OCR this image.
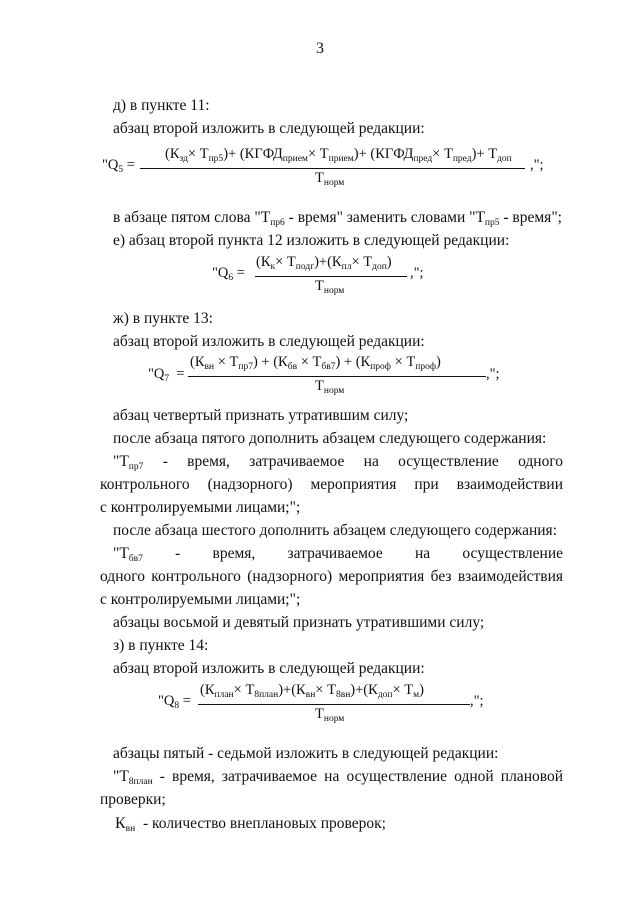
3
д) в пункте 11:
абзац второй изложить в следующей редакции:
"$Q_5$ =
$(К_{зд}\times Т_{пр5})+$ $(КГФД_{прием}\times Т_{прием})+$ $(КГФД_{пред}\times Т_{пред})+ Т_{доп}$
$Т_{норм}$
,";
в абзаце пятом слова "$Т_{пр6}$ - время" заменить словами "$Т_{пр5}$ - время";
е) абзац второй пункта 12 изложить в следующей редакции:
"$Q_6$ =
$(К_к\times Т_{подг})+(К_{пл}\times Т_{доп})$
$Т_{норм}$
,";
ж) в пункте 13:
абзац второй изложить в следующей редакции:
"$Q_7$ =
$(К_{вн} \times Т_{пр7}) + (К_{бв} \times Т_{бв7}) + (К_{проф} \times Т_{проф})$
$Т_{норм}$
,";
абзац четвертый признать утратившим силу;
после абзаца пятого дополнить абзацем следующего содержания:
"$Т_{пр7}$ - время, затрачиваемое на осуществление одного
контрольного (надзорного) мероприятия при взаимодействии
с контролируемыми лицами;";
после абзаца шестого дополнить абзацем следующего содержания:
"$Т_{бв7}$ - время, затрачиваемое на осуществление
одного контрольного (надзорного) мероприятия без взаимодействия
с контролируемыми лицами;";
абзацы восьмой и девятый признать утратившими силу;
з) в пункте 14:
абзац второй изложить в следующей редакции:
"$Q_8$ =
$(К_{план}\times Т_{8план})+(К_{вн}\times Т_{8вн})+(К_{доп}\times Т_м)$
$Т_{норм}$
,";
абзацы пятый - седьмой изложить в следующей редакции:
"$Т_{8план}$ - время, затрачиваемое на осуществление одной плановой
проверки;
$К_{вн}$ - количество внеплановых проверок;
